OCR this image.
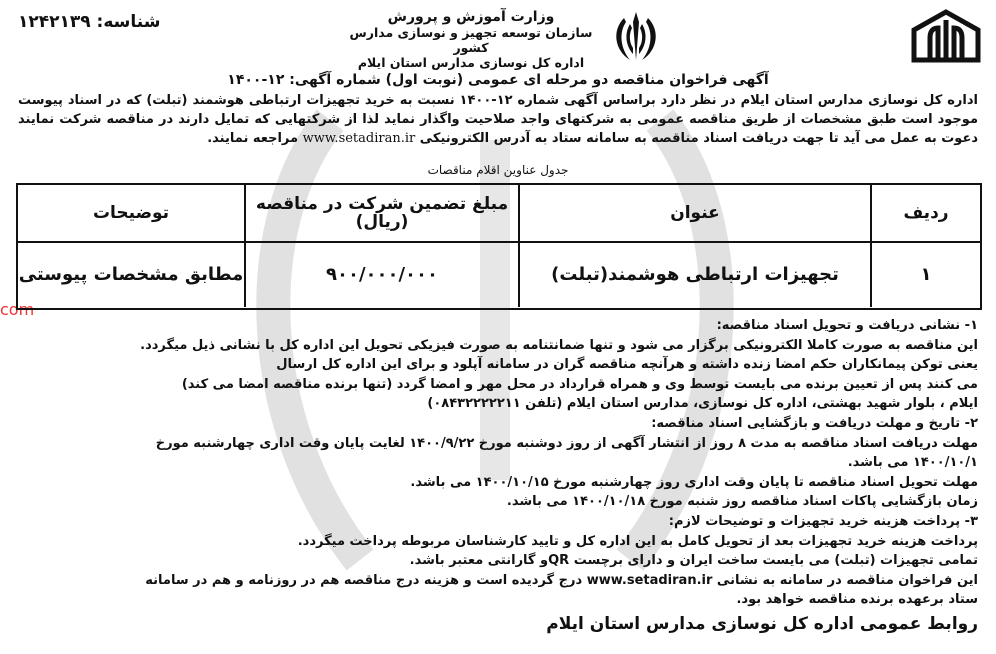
com
وزارت آموزش و پرورش
سازمان توسعه تجهیز و نوسازی مدارس کشور
اداره کل نوسازی مدارس استان ایلام
شناسه: ۱۲۴۲۱۳۹
آگهی فراخوان مناقصه دو مرحله ای عمومی (نوبت اول) شماره آگهی: ۱۲-۱۴۰۰
اداره کل نوسازی مدارس استان ایلام در نظر دارد براساس آگهی شماره ۱۲-۱۴۰۰ نسبت به خرید تجهیزات ارتباطی هوشمند (تبلت) که در اسناد پیوست موجود است طبق مشخصات از طریق مناقصه عمومی به شرکتهای واجد صلاحیت واگذار نماید لذا از شرکتهایی که تمایل دارند در مناقصه شرکت نمایند دعوت به عمل می آید تا جهت دریافت اسناد مناقصه به سامانه ستاد به آدرس الکترونیکی www.setadiran.ir مراجعه نمایند.
جدول عناوین اقلام مناقصات
ردیف
عنوان
مبلغ تضمین شرکت در مناقصه (ریال)
توضیحات
۱
تجهیزات ارتباطی هوشمند(تبلت)
۹۰۰/۰۰۰/۰۰۰
مطابق مشخصات پیوستی

۱- نشانی دریافت و تحویل اسناد مناقصه:

این مناقصه به صورت کاملا الکترونیکی برگزار می شود و تنها ضمانتنامه به صورت فیزیکی تحویل این اداره کل با نشانی ذیل میگردد.

یعنی توکن پیمانکاران حکم امضا زنده داشته و هرآنچه مناقصه گران در سامانه آپلود و برای این اداره کل ارسال

می کنند پس از تعیین برنده می بایست توسط وی و همراه قرارداد در محل مهر و امضا گردد (تنها برنده مناقصه امضا می کند)

ایلام ، بلوار شهید بهشتی، اداره کل نوسازی، مدارس استان ایلام (تلفن ۰۸۴۳۲۲۲۲۲۱۱)

۲- تاریخ و مهلت دریافت و بازگشایی اسناد مناقصه:

مهلت دریافت اسناد مناقصه به مدت ۸ روز از انتشار آگهی از روز دوشنبه مورخ ۱۴۰۰/۹/۲۲ لغایت پایان وقت اداری چهارشنبه مورخ

۱۴۰۰/۱۰/۱ می باشد.

مهلت تحویل اسناد مناقصه تا پایان وقت اداری روز چهارشنبه مورخ ۱۴۰۰/۱۰/۱۵ می باشد.

زمان بازگشایی پاکات اسناد مناقصه روز شنبه مورخ ۱۴۰۰/۱۰/۱۸ می باشد.

۳- پرداخت هزینه خرید تجهیزات و توضیحات لازم:

پرداخت هزینه خرید تجهیزات بعد از تحویل کامل به این اداره کل و تایید کارشناسان مربوطه پرداخت میگردد.

تمامی تجهیزات (تبلت) می بایست ساخت ایران و دارای برچست QRو گارانتی معتبر باشد.

این فراخوان مناقصه در سامانه به نشانی www.setadiran.ir درج گردیده است و هزینه درج مناقصه هم در روزنامه و هم در سامانه

ستاد برعهده برنده مناقصه خواهد بود.

روابط عمومی اداره کل نوسازی مدارس استان ایلام
